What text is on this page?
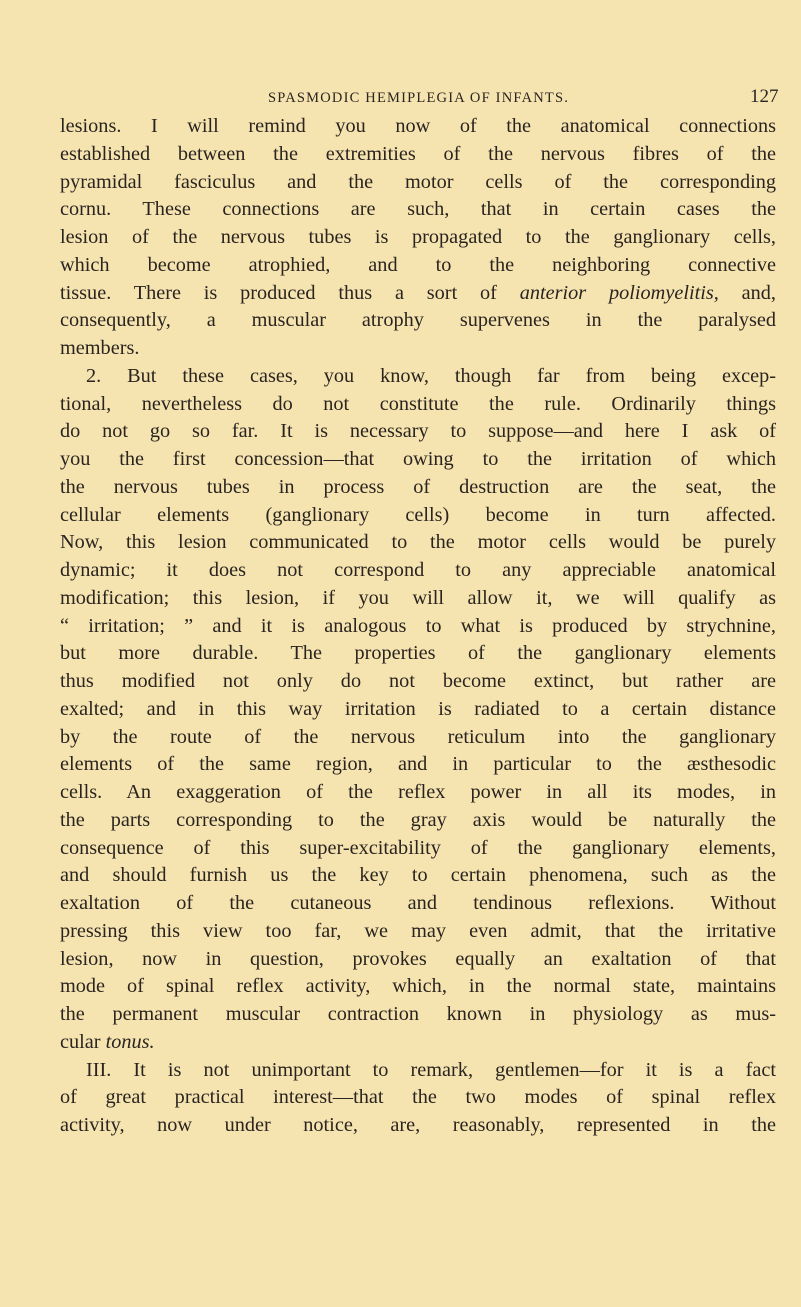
SPASMODIC HEMIPLEGIA OF INFANTS.	127
lesions. I will remind you now of the anatomical connections
established between the extremities of the nervous fibres of the
pyramidal fasciculus and the motor cells of the corresponding
cornu. These connections are such, that in certain cases the
lesion of the nervous tubes is propagated to the ganglionary cells,
which become atrophied, and to the neighboring connective
tissue. There is produced thus a sort of anterior poliomyelitis, and,
consequently, a muscular atrophy supervenes in the paralysed
members.
2. But these cases, you know, though far from being excep-
tional, nevertheless do not constitute the rule. Ordinarily things
do not go so far. It is necessary to suppose—and here I ask of
you the first concession—that owing to the irritation of which
the nervous tubes in process of destruction are the seat, the
cellular elements (ganglionary cells) become in turn affected.
Now, this lesion communicated to the motor cells would be purely
dynamic; it does not correspond to any appreciable anatomical
modification; this lesion, if you will allow it, we will qualify as
“ irritation; ” and it is analogous to what is produced by strychnine,
but more durable. The properties of the ganglionary elements
thus modified not only do not become extinct, but rather are
exalted; and in this way irritation is radiated to a certain distance
by the route of the nervous reticulum into the ganglionary
elements of the same region, and in particular to the æsthesodic
cells. An exaggeration of the reflex power in all its modes, in
the parts corresponding to the gray axis would be naturally the
consequence of this super-excitability of the ganglionary elements,
and should furnish us the key to certain phenomena, such as the
exaltation of the cutaneous and tendinous reflexions. Without
pressing this view too far, we may even admit, that the irritative
lesion, now in question, provokes equally an exaltation of that
mode of spinal reflex activity, which, in the normal state, maintains
the permanent muscular contraction known in physiology as mus-
cular tonus.
III. It is not unimportant to remark, gentlemen—for it is a fact
of great practical interest—that the two modes of spinal reflex
activity, now under notice, are, reasonably, represented in the
